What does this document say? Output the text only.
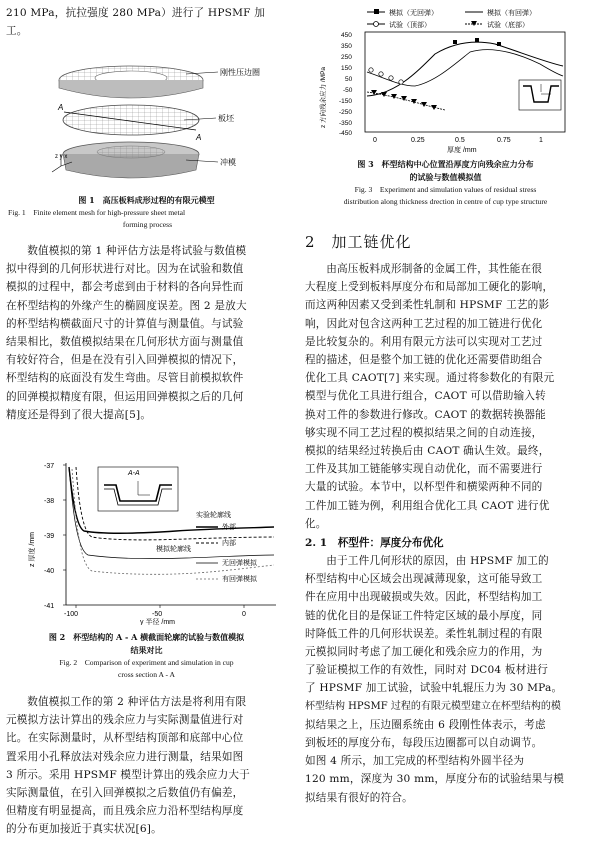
210 MPa，抗拉强度 280 MPa）进行了 HPSMF 加

工。

刚性压边圈
板坯
冲模
A
A
z y x
图 1　高压板料成形过程的有限元模型
Fig. 1　Finite element mesh for high-pressure sheet metal
forming process

数值模拟的第 1 种评估方法是将试验与数值模

拟中得到的几何形状进行对比。因为在试验和数值

模拟的过程中，都会考虑到由于材料的各向异性而

在杯型结构的外缘产生的椭圆度误差。图 2 是放大

的杯型结构横截面尺寸的计算值与测量值。与试验

结果相比，数值模拟结果在几何形状方面与测量值

有较好符合，但是在没有引入回弹模拟的情况下，

杯型结构的底面没有发生弯曲。尽管目前模拟软件

的回弹模拟精度有限，但运用回弹模拟之后的几何

精度还是得到了很大提高[5]。

-37
-38
-39
-40
-41
-100	-50	0
z 厚度 /mm
y 半径 /mm
A-A
实验轮廓线
外部
内部
模拟轮廓线
无回弹模拟
有回弹模拟
图 2　杯型结构的 A - A 横截面轮廓的试验与数值模拟
结果对比
Fig. 2　Comparison of experiment and simulation in cup
cross section A - A

数值模拟工作的第 2 种评估方法是将利用有限

元模拟方法计算出的残余应力与实际测量值进行对

比。在实际测量时，从杯型结构顶部和底部中心位

置采用小孔释放法对残余应力进行测量，结果如图

3 所示。采用 HPSMF 模型计算出的残余应力大于

实际测量值，在引入回弹模拟之后数值仍有偏差，

但精度有明显提高，而且残余应力沿杯型结构厚度

的分布更加接近于真实状况[6]。

模拟（无回弹）	模拟（有回弹）
试验（顶部）	试验（底部）
450
350
250
150
50
-50
-150
-250
-350
-450
0	0.25	0.5	0.75	1
z 方向残余应力 /MPa
厚度 /mm
图 3　杯型结构中心位置沿厚度方向残余应力分布
的试验与数值模拟值
Fig. 3　Experiment and simulation values of residual stress
distribution along thickness drection in centre of cup type structure
2　加工链优化

由高压板料成形制备的金属工件，其性能在很

大程度上受到板料厚度分布和局部加工硬化的影响，

而这两种因素又受到柔性轧制和 HPSMF 工艺的影

响，因此对包含这两种工艺过程的加工链进行优化

是比较复杂的。利用有限元方法可以实现对工艺过

程的描述，但是整个加工链的优化还需要借助组合

优化工具 CAOT[7] 来实现。通过将参数化的有限元

模型与优化工具进行组合，CAOT 可以借助输入转

换对工件的参数进行修改。CAOT 的数据转换器能

够实现不同工艺过程的模拟结果之间的自动连接，

模拟的结果经过转换后由 CAOT 确认生效。最终，

工件及其加工链能够实现自动优化，而不需要进行

大量的试验。本节中，以杯型件和横梁两种不同的

工件加工链为例，利用组合优化工具 CAOT 进行优

化。

2. 1　杯型件：厚度分布优化

由于工件几何形状的原因，由 HPSMF 加工的

杯型结构中心区域会出现减薄现象，这可能导致工

件在应用中出现破损或失效。因此，杯型结构加工

链的优化目的是保证工件特定区域的最小厚度，同

时降低工件的几何形状误差。柔性轧制过程的有限

元模拟同时考虑了加工硬化和残余应力的作用，为

了验证模拟工作的有效性，同时对 DC04 板材进行

了 HPSMF 加工试验，试验中轧辊压力为 30 MPa。

杯型结构 HPSMF 过程的有限元模型建立在杯型结构的模

拟结果之上，压边圈系统由 6 段刚性体表示，考虑

到板坯的厚度分布，每段压边圈都可以自动调节。

如图 4 所示，加工完成的杯型结构外圆半径为

120 mm，深度为 30 mm，厚度分布的试验结果与模

拟结果有很好的符合。
